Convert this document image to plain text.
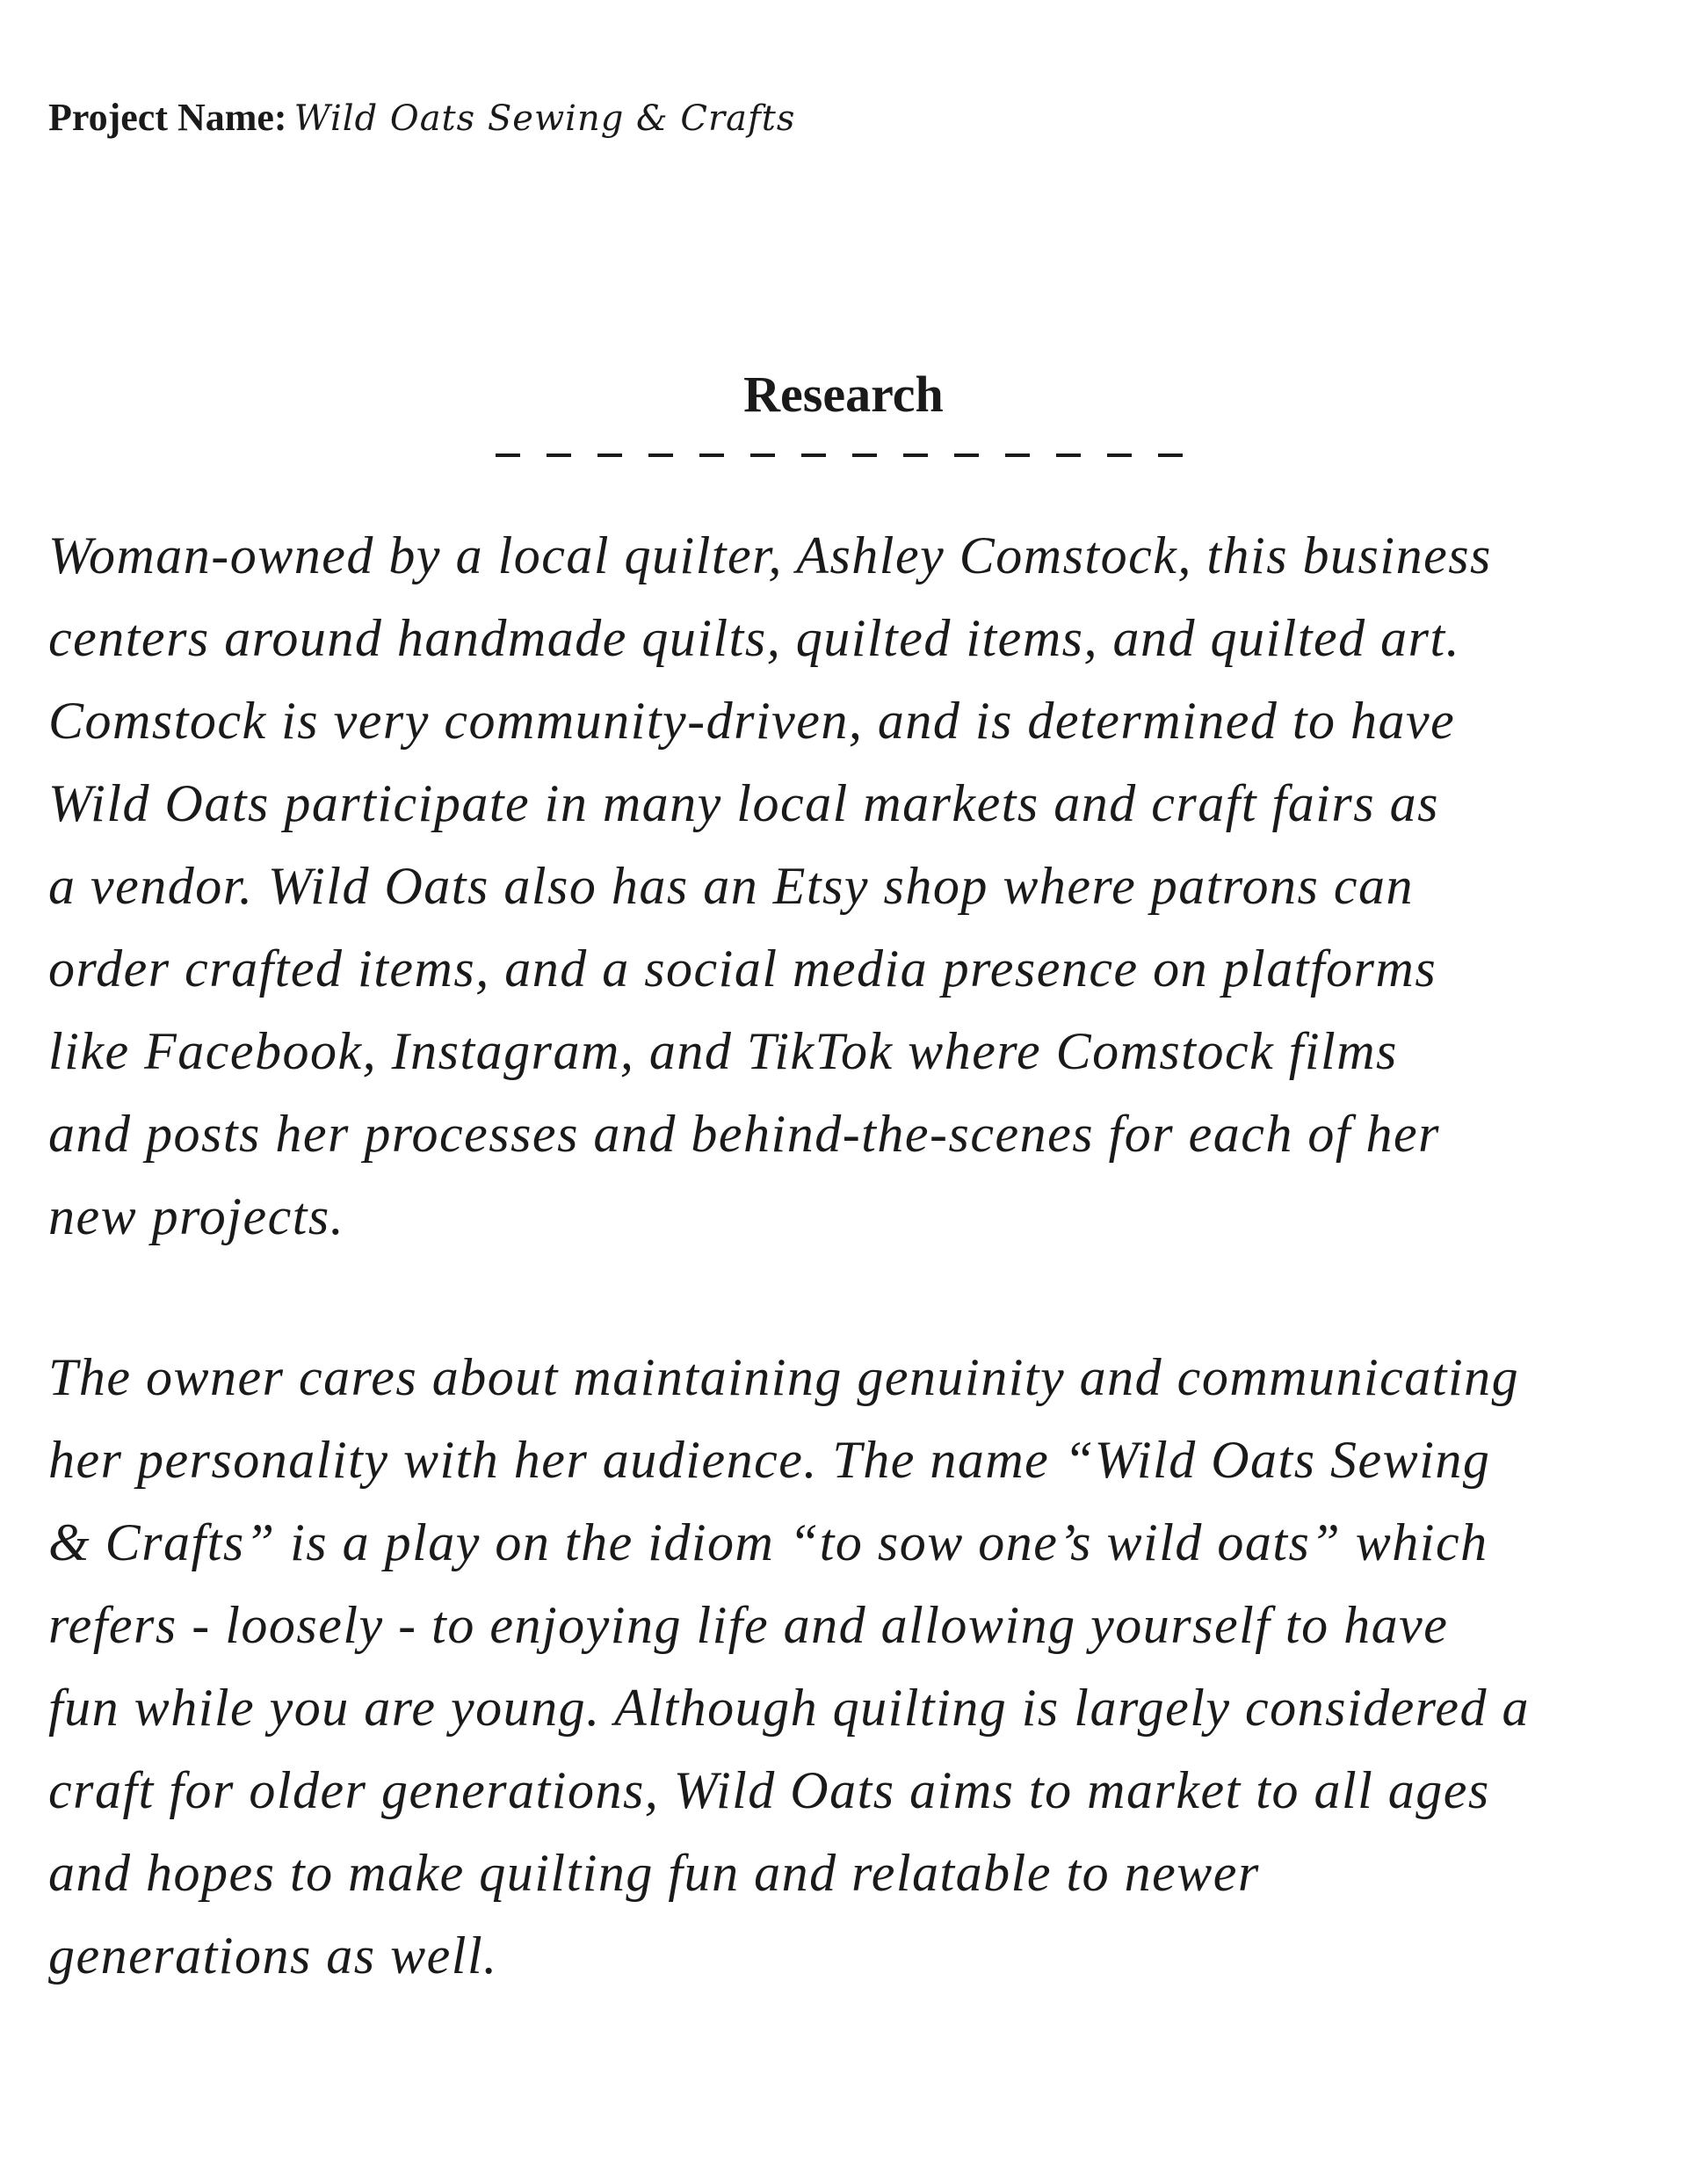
Project Name: Wild Oats Sewing & Crafts
Research
Woman-owned by a local quilter, Ashley Comstock, this business
centers around handmade quilts, quilted items, and quilted art.
Comstock is very community-driven, and is determined to have
Wild Oats participate in many local markets and craft fairs as
a vendor. Wild Oats also has an Etsy shop where patrons can
order crafted items, and a social media presence on platforms
like Facebook, Instagram, and TikTok where Comstock films
and posts her processes and behind-the-scenes for each of her
new projects.
The owner cares about maintaining genuinity and communicating
her personality with her audience. The name “Wild Oats Sewing
& Crafts” is a play on the idiom “to sow one’s wild oats” which
refers - loosely - to enjoying life and allowing yourself to have
fun while you are young. Although quilting is largely considered a
craft for older generations, Wild Oats aims to market to all ages
and hopes to make quilting fun and relatable to newer
generations as well.
